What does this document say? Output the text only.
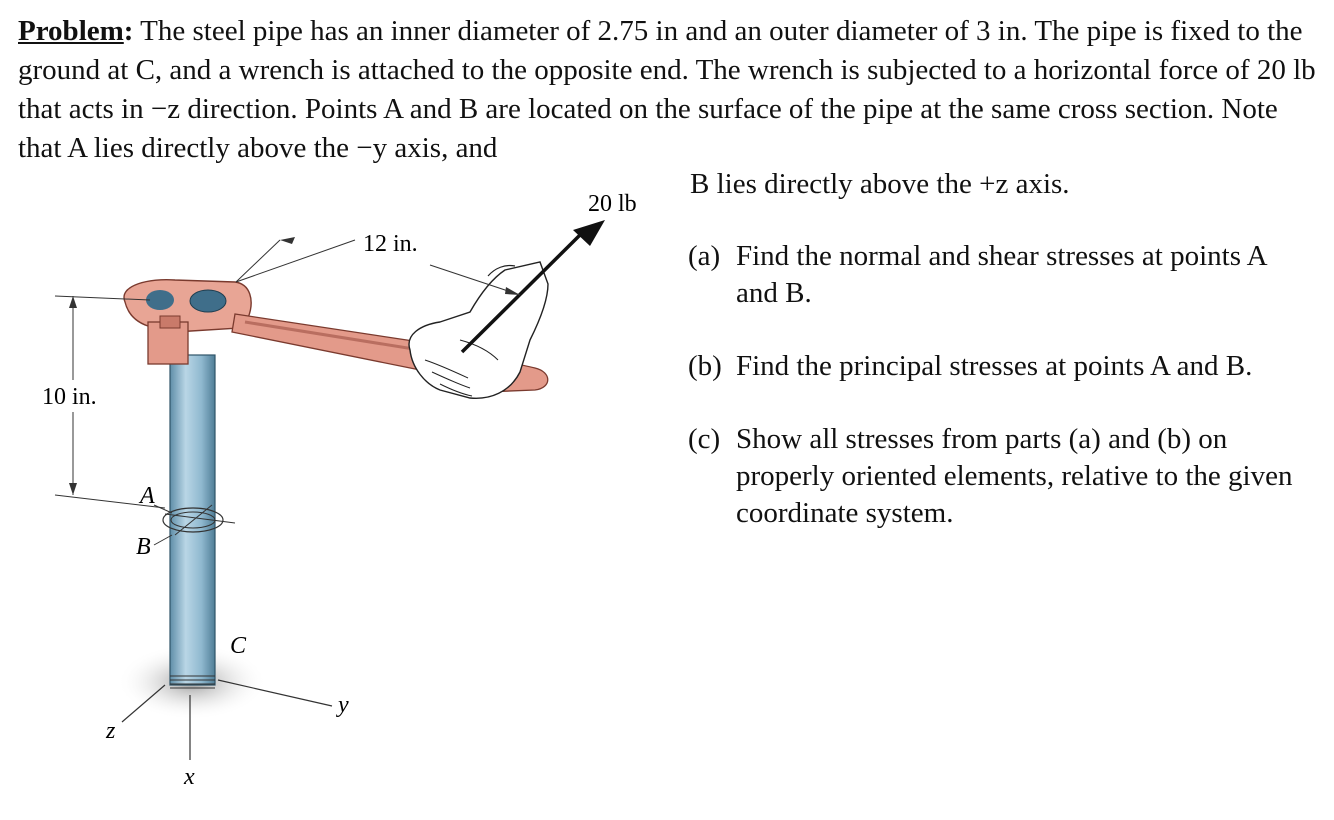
Problem: The steel pipe has an inner diameter of 2.75 in and an outer diameter of 3 in. The pipe is fixed to the ground at C, and a wrench is attached to the opposite end. The wrench is subjected to a horizontal force of 20 lb that acts in −z direction. Points A and B are located on the surface of the pipe at the same cross section. Note that A lies directly above the −y axis, and
B lies directly above the +z axis.
(a) Find the normal and shear stresses at points A and B.
(b) Find the principal stresses at points A and B.
(c) Show all stresses from parts (a) and (b) on properly oriented elements, relative to the given coordinate system.
20 lb
12 in.
10 in.
A
B
C
y
z
x
